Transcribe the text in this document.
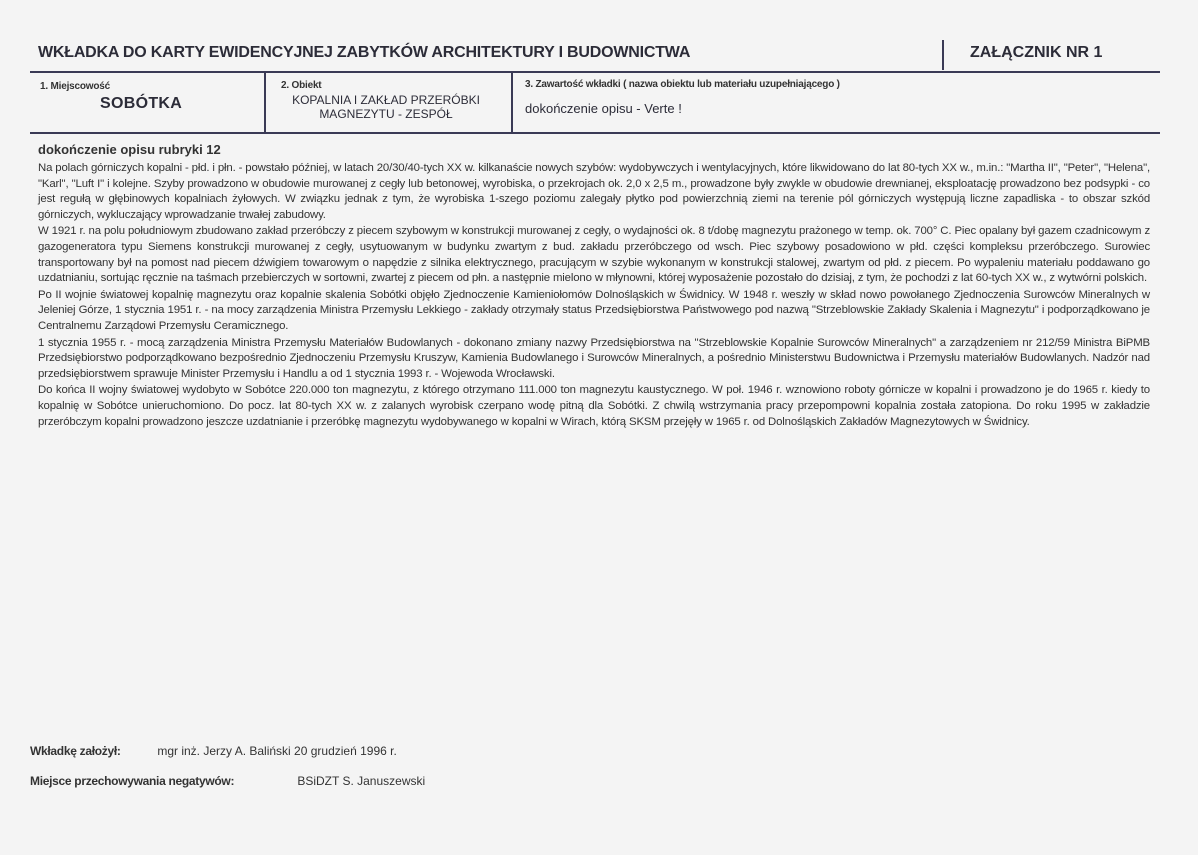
WKŁADKA DO KARTY EWIDENCYJNEJ ZABYTKÓW ARCHITEKTURY I BUDOWNICTWA	ZAŁĄCZNIK NR 1
1. Miejscowość
SOBÓTKA
2. Obiekt
KOPALNIA I ZAKŁAD PRZERÓBKI
MAGNEZYTU - ZESPÓŁ
3. Zawartość wkładki ( nazwa obiektu lub materiału uzupełniającego )
dokończenie opisu - Verte !
dokończenie opisu rubryki 12

Na polach górniczych kopalni - płd. i płn. - powstało później, w latach 20/30/40-tych XX w. kilkanaście nowych szybów: wydobywczych i wentylacyjnych, które likwidowano do lat 80-tych XX w., m.in.: "Martha II", "Peter", "Helena", "Karl", "Luft I" i kolejne. Szyby prowadzono w obudowie murowanej z cegły lub betonowej, wyrobiska, o przekrojach ok. 2,0 x 2,5 m., prowadzone były zwykle w obudowie drewnianej, eksploatację prowadzono bez podsypki - co jest regułą w głębinowych kopalniach żyłowych. W związku jednak z tym, że wyrobiska 1-szego poziomu zalegały płytko pod powierzchnią ziemi na terenie pól górniczych występują liczne zapadliska - to obszar szkód górniczych, wykluczający wprowadzanie trwałej zabudowy.

W 1921 r. na polu południowym zbudowano zakład przeróbczy z piecem szybowym w konstrukcji murowanej z cegły, o wydajności ok. 8 t/dobę magnezytu prażonego w temp. ok. 700° C. Piec opalany był gazem czadnicowym z gazogeneratora typu Siemens konstrukcji murowanej z cegły, usytuowanym w budynku zwartym z bud. zakładu przeróbczego od wsch. Piec szybowy posadowiono w płd. części kompleksu przeróbczego. Surowiec transportowany był na pomost nad piecem dźwigiem towarowym o napędzie z silnika elektrycznego, pracującym w szybie wykonanym w konstrukcji stalowej, zwartym od płd. z piecem. Po wypaleniu materiału poddawano go uzdatnianiu, sortując ręcznie na taśmach przebierczych w sortowni, zwartej z piecem od płn. a następnie mielono w młynowni, której wyposażenie pozostało do dzisiaj, z tym, że pochodzi z lat 60-tych XX w., z wytwórni polskich.

Po II wojnie światowej kopalnię magnezytu oraz kopalnie skalenia Sobótki objęło Zjednoczenie Kamieniołomów Dolnośląskich w Świdnicy. W 1948 r. weszły w skład nowo powołanego Zjednoczenia Surowców Mineralnych w Jeleniej Górze, 1 stycznia 1951 r. - na mocy zarządzenia Ministra Przemysłu Lekkiego - zakłady otrzymały status Przedsiębiorstwa Państwowego pod nazwą "Strzeblowskie Zakłady Skalenia i Magnezytu" i podporządkowano je Centralnemu Zarządowi Przemysłu Ceramicznego.

1 stycznia 1955 r. - mocą zarządzenia Ministra Przemysłu Materiałów Budowlanych - dokonano zmiany nazwy Przedsiębiorstwa na "Strzeblowskie Kopalnie Surowców Mineralnych" a zarządzeniem nr 212/59 Ministra BiPMB Przedsiębiorstwo podporządkowano bezpośrednio Zjednoczeniu Przemysłu Kruszyw, Kamienia Budowlanego i Surowców Mineralnych, a pośrednio Ministerstwu Budownictwa i Przemysłu materiałów Budowlanych. Nadzór nad przedsiębiorstwem sprawuje Minister Przemysłu i Handlu a od 1 stycznia 1993 r. - Wojewoda Wrocławski.

Do końca II wojny światowej wydobyto w Sobótce 220.000 ton magnezytu, z którego otrzymano 111.000 ton magnezytu kaustycznego. W poł. 1946 r. wznowiono roboty górnicze w kopalni i prowadzono je do 1965 r. kiedy to kopalnię w Sobótce unieruchomiono. Do pocz. lat 80-tych XX w. z zalanych wyrobisk czerpano wodę pitną dla Sobótki. Z chwilą wstrzymania pracy przepompowni kopalnia została zatopiona. Do roku 1995 w zakładzie przeróbczym kopalni prowadzono jeszcze uzdatnianie i przeróbkę magnezytu wydobywanego w kopalni w Wirach, którą SKSM przejęły w 1965 r. od Dolnośląskich Zakładów Magnezytowych w Świdnicy.

Wkładkę założył:	mgr inż. Jerzy A. Baliński 20 grudzień 1996 r.
Miejsce przechowywania negatywów:	BSiDZT S. Januszewski
